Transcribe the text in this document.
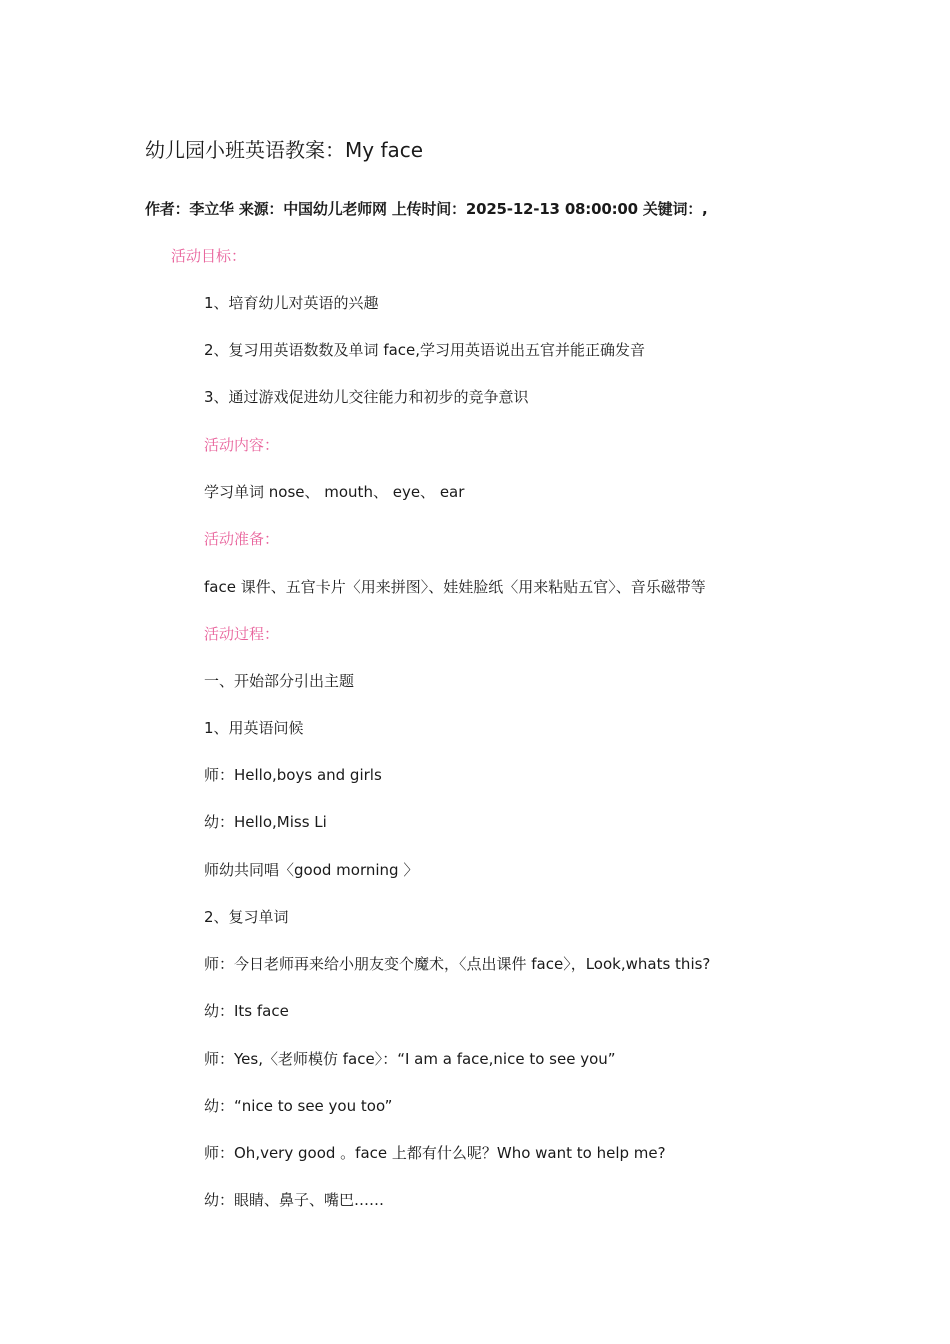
幼儿园小班英语教案：My face
作者：李立华 来源：中国幼儿老师网 上传时间：2025-12-13 08:00:00 关键词：,
活动目标：
1、培育幼儿对英语的兴趣
2、复习用英语数数及单词 face,学习用英语说出五官并能正确发音
3、通过游戏促进幼儿交往能力和初步的竞争意识
活动内容：
学习单词 nose、 mouth、 eye、 ear
活动准备：
face 课件、五官卡片〈用来拼图〉、娃娃脸纸〈用来粘贴五官〉、音乐磁带等
活动过程：
一、开始部分引出主题
1、用英语问候
师：Hello,boys and girls
幼：Hello,Miss Li
师幼共同唱〈good morning 〉
2、复习单词
师：今日老师再来给小朋友变个魔术，〈点出课件 face〉，Look,whats this?
幼：Its face
师：Yes,〈老师模仿 face〉：“I am a face,nice to see you”
幼：“nice to see you too”
师：Oh,very good 。face 上都有什么呢？Who want to help me?
幼：眼睛、鼻子、嘴巴……
